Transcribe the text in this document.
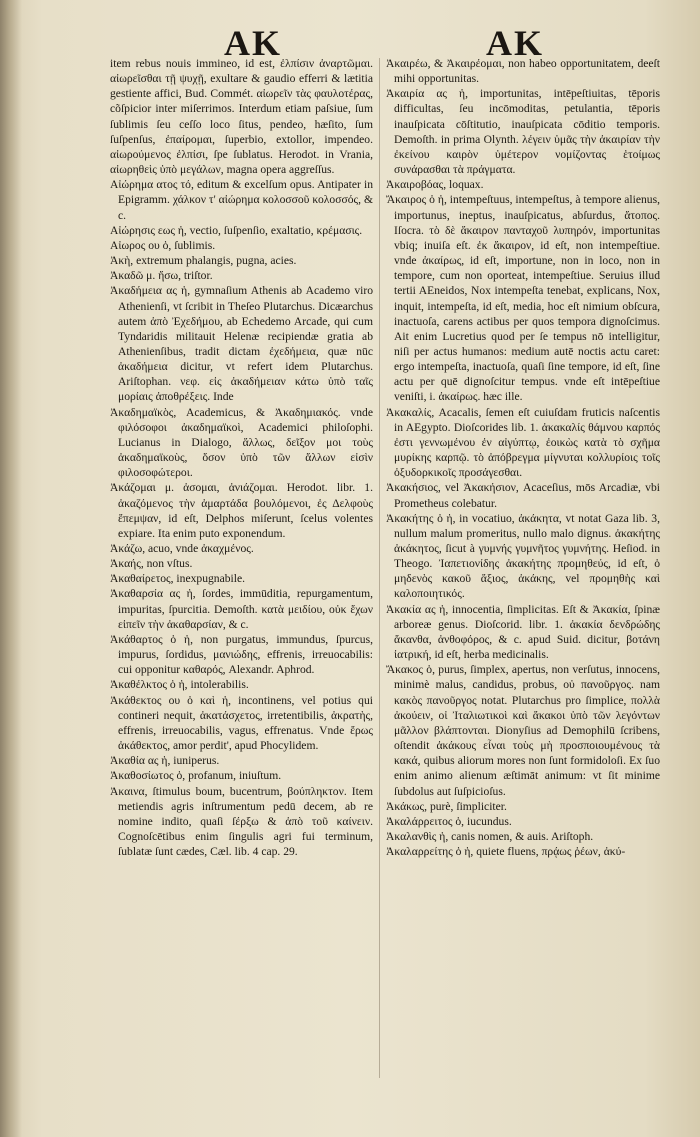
AK	AK

item rebus nouis immineo, id est, ἐλπίσιν ἀναρτῶμαι. αἰωρεῖσθαι τῇ ψυχῇ, exultare & gaudio efferri & lætitia gestiente affici, Bud. Commét. αἰωρεῖν τὰς φαυλοτέρας, cõſpicior inter miſerrimos. Interdum etiam paſsiue, ſum ſublimis ſeu ceſſo loco ſitus, pendeo, hæſito, ſum ſuſpenſus, ἐπαίρομαι, ſuperbio, extollor, impendeo. αἰωρούμενος ἐλπίσι, ſpe ſublatus. Herodot. in Vrania, αἰωρηθεὶς ὑπὸ μεγάλων, magna opera aggreſſus.

Αἰώρημα ατος τό, editum & excelſum opus. Antipater in Epigramm. χάλκον τ' αἰώρημα κολοσσοῦ κολοσσός, & c.

Αἰώρησις εως ἡ, vectio, ſuſpenſio, exaltatio, κρέμασις.

Αἰωρος ου ὁ, ſublimis.

Ἀκὴ, extremum phalangis, pugna, acies.

Ἀκαδῶ μ. ἤσω, triſtor.

Ἀκαδήμεια ας ἡ, gymnaſium Athenis ab Academo viro Athenienſi, vt ſcribit in Theſeo Plutarchus. Dicæarchus autem ἀπὸ Ἐχεδήμου, ab Echedemo Arcade, qui cum Tyndaridis militauit Helenæ recipiendæ gratia ab Athenienſibus, tradit dictam ἐχεδήμεια, quæ nūc ἀκαδήμεια dicitur, vt refert idem Plutarchus. Ariſtophan. νεφ. εἰς ἀκαδήμειαν κάτω ὑπὸ ταῖς μορίαις ἀποθρέξεις. Inde

Ἀκαδημαϊκὸς, Academicus, & Ἀκαδημιακός. vnde φιλόσοφοι ἀκαδημαϊκοὶ, Academici philoſophi. Lucianus in Dialogo, ἄλλως, δεῖξον μοι τοὺς ἀκαδημαϊκοὺς, ὅσον ὑπὸ τῶν ἄλλων εἰσὶν φιλοσοφώτεροι.

Ἀκάζομαι μ. ἀσομαι, ἀνιάζομαι. Herodot. libr. 1. ἀκαζόμενος τὴν ἁμαρτάδα βουλόμενοι, ἐς Δελφοὺς ἔπεμψαν, id eſt, Delphos miſerunt, ſcelus volentes expiare. Ita enim puto exponendum.

Ἀκάζω, acuo, vnde ἀκαχμένος.

Ἀκαής, non vſtus.

Ἀκαθαίρετος, inexpugnabile.

Ἀκαθαρσία ας ἡ, ſordes, immūditia, repurgamentum, impuritas, ſpurcitia. Demoſth. κατὰ μειδίου, οὐκ ἔχων εἰπεῖν τὴν ἀκαθαρσίαν, & c.

Ἀκάθαρτος ὁ ἡ, non purgatus, immundus, ſpurcus, impurus, ſordidus, μανιώδης, effrenis, irreuocabilis: cui opponitur καθαρός, Alexandr. Aphrod.

Ἀκαθέλκτος ὁ ἡ, intolerabilis.

Ἀκάθεκτος ου ὁ καὶ ἡ, incontinens, vel potius qui contineri nequit, ἀκατάσχετος, irretentibilis, ἀκρατὴς, effrenis, irreuocabilis, vagus, effrenatus. Vnde ἔρως ἀκάθεκτος, amor perdit', apud Phocylidem.

Ἀκαθία ας ἡ, iuniperus.

Ἀκαθοσίωτος ὁ, profanum, iniuſtum.

Ἀκαινα, ſtimulus boum, bucentrum, βούπληκτον. Item metiendis agris inſtrumentum pedū decem, ab re nomine indito, quaſi ſέρξω & ἀπὸ τοῦ καίνειν. Cognoſcētibus enim ſingulis agri fui terminum, ſublatæ ſunt cædes, Cæl. lib. 4 cap. 29.

Ἀκαιρέω, & Ἀκαιρέομαι, non habeo opportunitatem, deeſt mihi opportunitas.

Ἀκαιρία ας ἡ, importunitas, intēpeſtiuitas, tēporis difficultas, ſeu incōmoditas, petulantia, tēporis inauſpicata cōſtitutio, inauſpicata cōditio temporis. Demoſth. in prima Olynth. λέγειν ὑμᾶς τὴν ἀκαιρίαν τὴν ἐκείνου καιρὸν ὑμέτερον νομίζοντας ἑτοίμως συνάρασθαι τὰ πράγματα.

Ἀκαιροβόας, loquax.

Ἄκαιρος ὁ ἡ, intempeſtuus, intempeſtus, à tempore alienus, importunus, ineptus, inauſpicatus, abſurdus, ἄτοπος. Iſocra. τὸ δὲ ἄκαιρον πανταχοῦ λυπηρόν, importunitas vbiq; inuiſa eſt. ἐκ ἄκαιρον, id eſt, non intempeſtiue. vnde ἀκαίρως, id eſt, importune, non in loco, non in tempore, cum non oporteat, intempeſtiue. Seruius illud tertii AEneidos, Nox intempeſta tenebat, explicans, Nox, inquit, intempeſta, id eſt, media, hoc eſt nimium obſcura, inactuoſa, carens actibus per quos tempora dignoſcimus. Ait enim Lucretius quod per ſe tempus nō intelligitur, niſi per actus humanos: medium autē noctis actu caret: ergo intempeſta, inactuoſa, quaſi ſine tempore, id eſt, ſine actu per quē dignoſcitur tempus. vnde eſt intēpeſtiue veniſti, i. ἀκαίρως. hæc ille.

Ἀκακαλίς, Acacalis, ſemen eſt cuiuſdam fruticis naſcentis in AEgypto. Dioſcorides lib. 1. ἀκακαλίς θάμνου καρπός ἐστι γεννωμένου ἐν αἰγύπτῳ, ἐοικὼς κατὰ τὸ σχῆμα μυρίκης καρπῷ. τὸ ἀπόβρεγμα μίγνυται κολλυρίοις τοῖς ὀξυδορκικοῖς προσάγεσθαι.

Ἀκακήσιος, vel Ἀκακήσιον, Acaceſius, mōs Arcadiæ, vbi Prometheus colebatur.

Ἀκακήτης ὁ ἡ, in vocatiuo, ἀκάκητα, vt notat Gaza lib. 3, nullum malum promeritus, nullo malo dignus. ἀκακήτης ἀκάκητος, ſicut à γυμνής γυμνῆτος γυμνήτης. Heſiod. in Theogo. Ἰαπετιονίδης ἀκακήτης προμηθεύς, id eſt, ὁ μηδενὸς κακοῦ ἄξιος, ἀκάκης, vel προμηθὴς καὶ καλοποιητικός.

Ἀκακία ας ἡ, innocentia, ſimplicitas. Eſt & Ἀκακία, ſpinæ arboreæ genus. Dioſcorid. libr. 1. ἀκακία δενδρώδης ἄκανθα, ἀνθοφόρος, & c. apud Suid. dicitur, βοτάνη ἰατρική, id eſt, herba medicinalis.

Ἄκακος ὁ, purus, ſimplex, apertus, non verſutus, innocens, minimè malus, candidus, probus, οὐ πανοῦργος. nam κακὸς πανοῦργος notat. Plutarchus pro ſimplice, πολλὰ ἀκούειν, οἱ Ἰταλιωτικοὶ καὶ ἄκακοι ὑπὸ τῶν λεγόντων μᾶλλον βλάπτονται. Dionyſius ad Demophilū ſcribens, oſtendit ἀκάκους εἶναι τοὺς μὴ προσποιουμένους τὰ κακά, quibus aliorum mores non ſunt formidoloſi. Ex ſuo enim animo alienum æſtimāt animum: vt ſit minime ſubdolus aut ſuſpicioſus.

Ἀκάκως, purè, ſimpliciter.

Ἀκαλάρρειτος ὁ, iucundus.

Ἀκαλανθὶς ἡ, canis nomen, & auis. Ariſtoph.

Ἀκαλαρρείτης ὁ ἡ, quiete fluens, πρᾴως ῥέων, ἀκύ-
